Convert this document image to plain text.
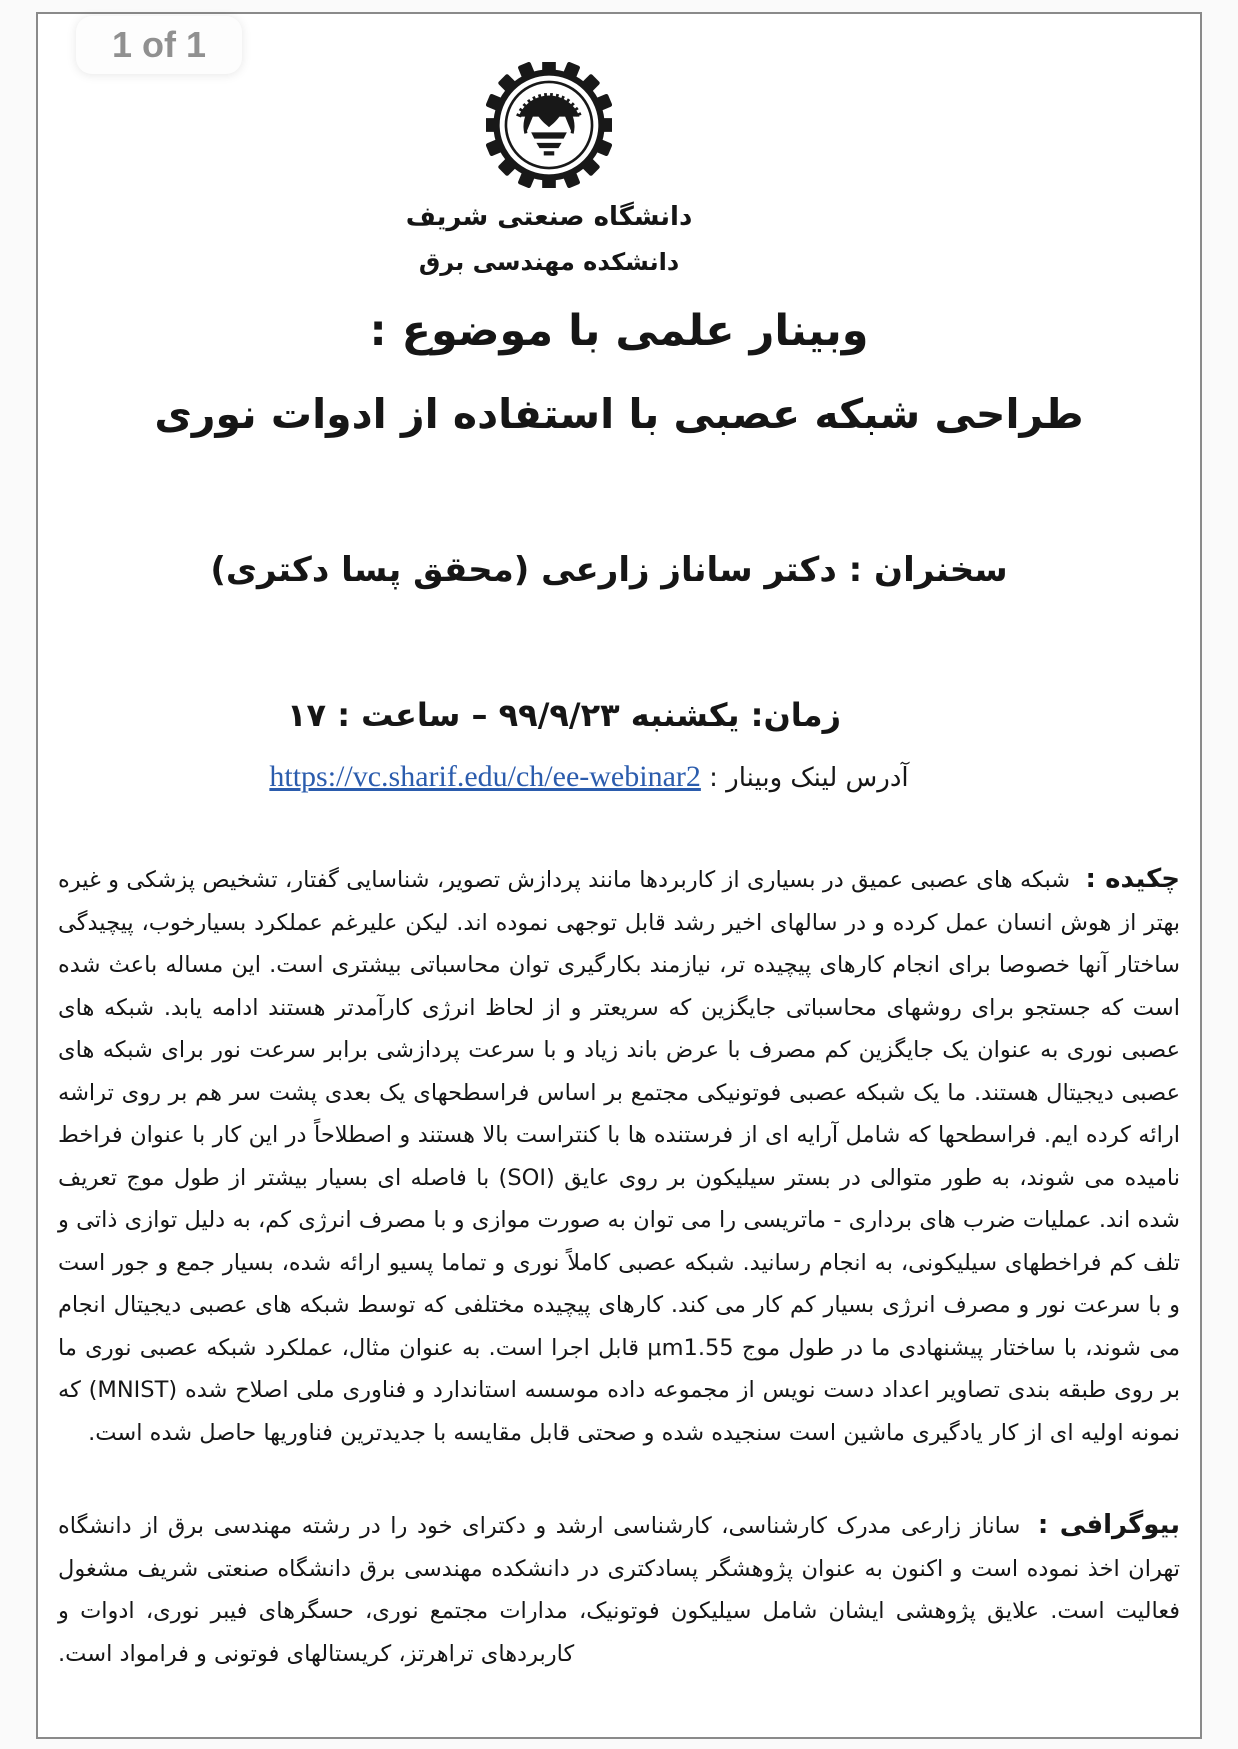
1 of 1
دانشگاه صنعتی شریف
دانشکده مهندسی برق
وبینار علمی با موضوع :
طراحی شبکه عصبی با استفاده از ادوات نوری
سخنران : دکتر ساناز زارعی (محقق پسا دکتری)
زمان: یکشنبه ۹۹/۹/۲۳ – ساعت : ۱۷
آدرس لینک وبینار : https://vc.sharif.edu/ch/ee-webinar2

چکیده : شبکه های عصبی عمیق در بسیاری از کاربردها مانند پردازش تصویر، شناسایی گفتار، تشخیص پزشکی و غیره بهتر از هوش انسان عمل کرده و در سالهای اخیر رشد قابل توجهی نموده اند. لیکن علیرغم عملکرد بسیارخوب، پیچیدگی ساختار آنها خصوصا برای انجام کارهای پیچیده تر، نیازمند بکارگیری توان محاسباتی بیشتری است. این مساله باعث شده است که جستجو برای روشهای محاسباتی جایگزین که سریعتر و از لحاظ انرژی کارآمدتر هستند ادامه یابد. شبکه های عصبی نوری به عنوان یک جایگزین کم مصرف با عرض باند زیاد و با سرعت پردازشی برابر سرعت نور برای شبکه های عصبی دیجیتال هستند. ما یک شبکه عصبی فوتونیکی مجتمع بر اساس فراسطحهای یک بعدی پشت سر هم بر روی تراشه ارائه کرده ایم. فراسطحها که شامل آرایه ای از فرستنده ها با کنتراست بالا هستند و اصطلاحاً در این کار با عنوان فراخط نامیده می شوند، به طور متوالی در بستر سیلیکون بر روی عایق (SOI) با فاصله ای بسیار بیشتر از طول موج تعریف شده اند. عملیات ضرب های برداری - ماتریسی را می توان به صورت موازی و با مصرف انرژی کم، به دلیل توازی ذاتی و تلف کم فراخطهای سیلیکونی، به انجام رسانید. شبکه عصبی کاملاً نوری و تماما پسیو ارائه شده، بسیار جمع و جور است و با سرعت نور و مصرف انرژی بسیار کم کار می کند. کارهای پیچیده مختلفی که توسط شبکه های عصبی دیجیتال انجام می شوند، با ساختار پیشنهادی ما در طول موج μm1.55 قابل اجرا است. به عنوان مثال، عملکرد شبکه عصبی نوری ما بر روی طبقه بندی تصاویر اعداد دست نویس از مجموعه داده موسسه استاندارد و فناوری ملی اصلاح شده (MNIST) که نمونه اولیه ای از کار یادگیری ماشین است سنجیده شده و صحتی قابل مقایسه با جدیدترین فناوریها حاصل شده است.

بیوگرافی : ساناز زارعی مدرک کارشناسی، کارشناسی ارشد و دکترای خود را در رشته مهندسی برق از دانشگاه تهران اخذ نموده است و اکنون به عنوان پژوهشگر پسادکتری در دانشکده مهندسی برق دانشگاه صنعتی شریف مشغول فعالیت است. علایق پژوهشی ایشان شامل سیلیکون فوتونیک، مدارات مجتمع نوری، حسگرهای فیبر نوری، ادوات و کاربردهای تراهرتز، کریستالهای فوتونی و فرامواد است.
